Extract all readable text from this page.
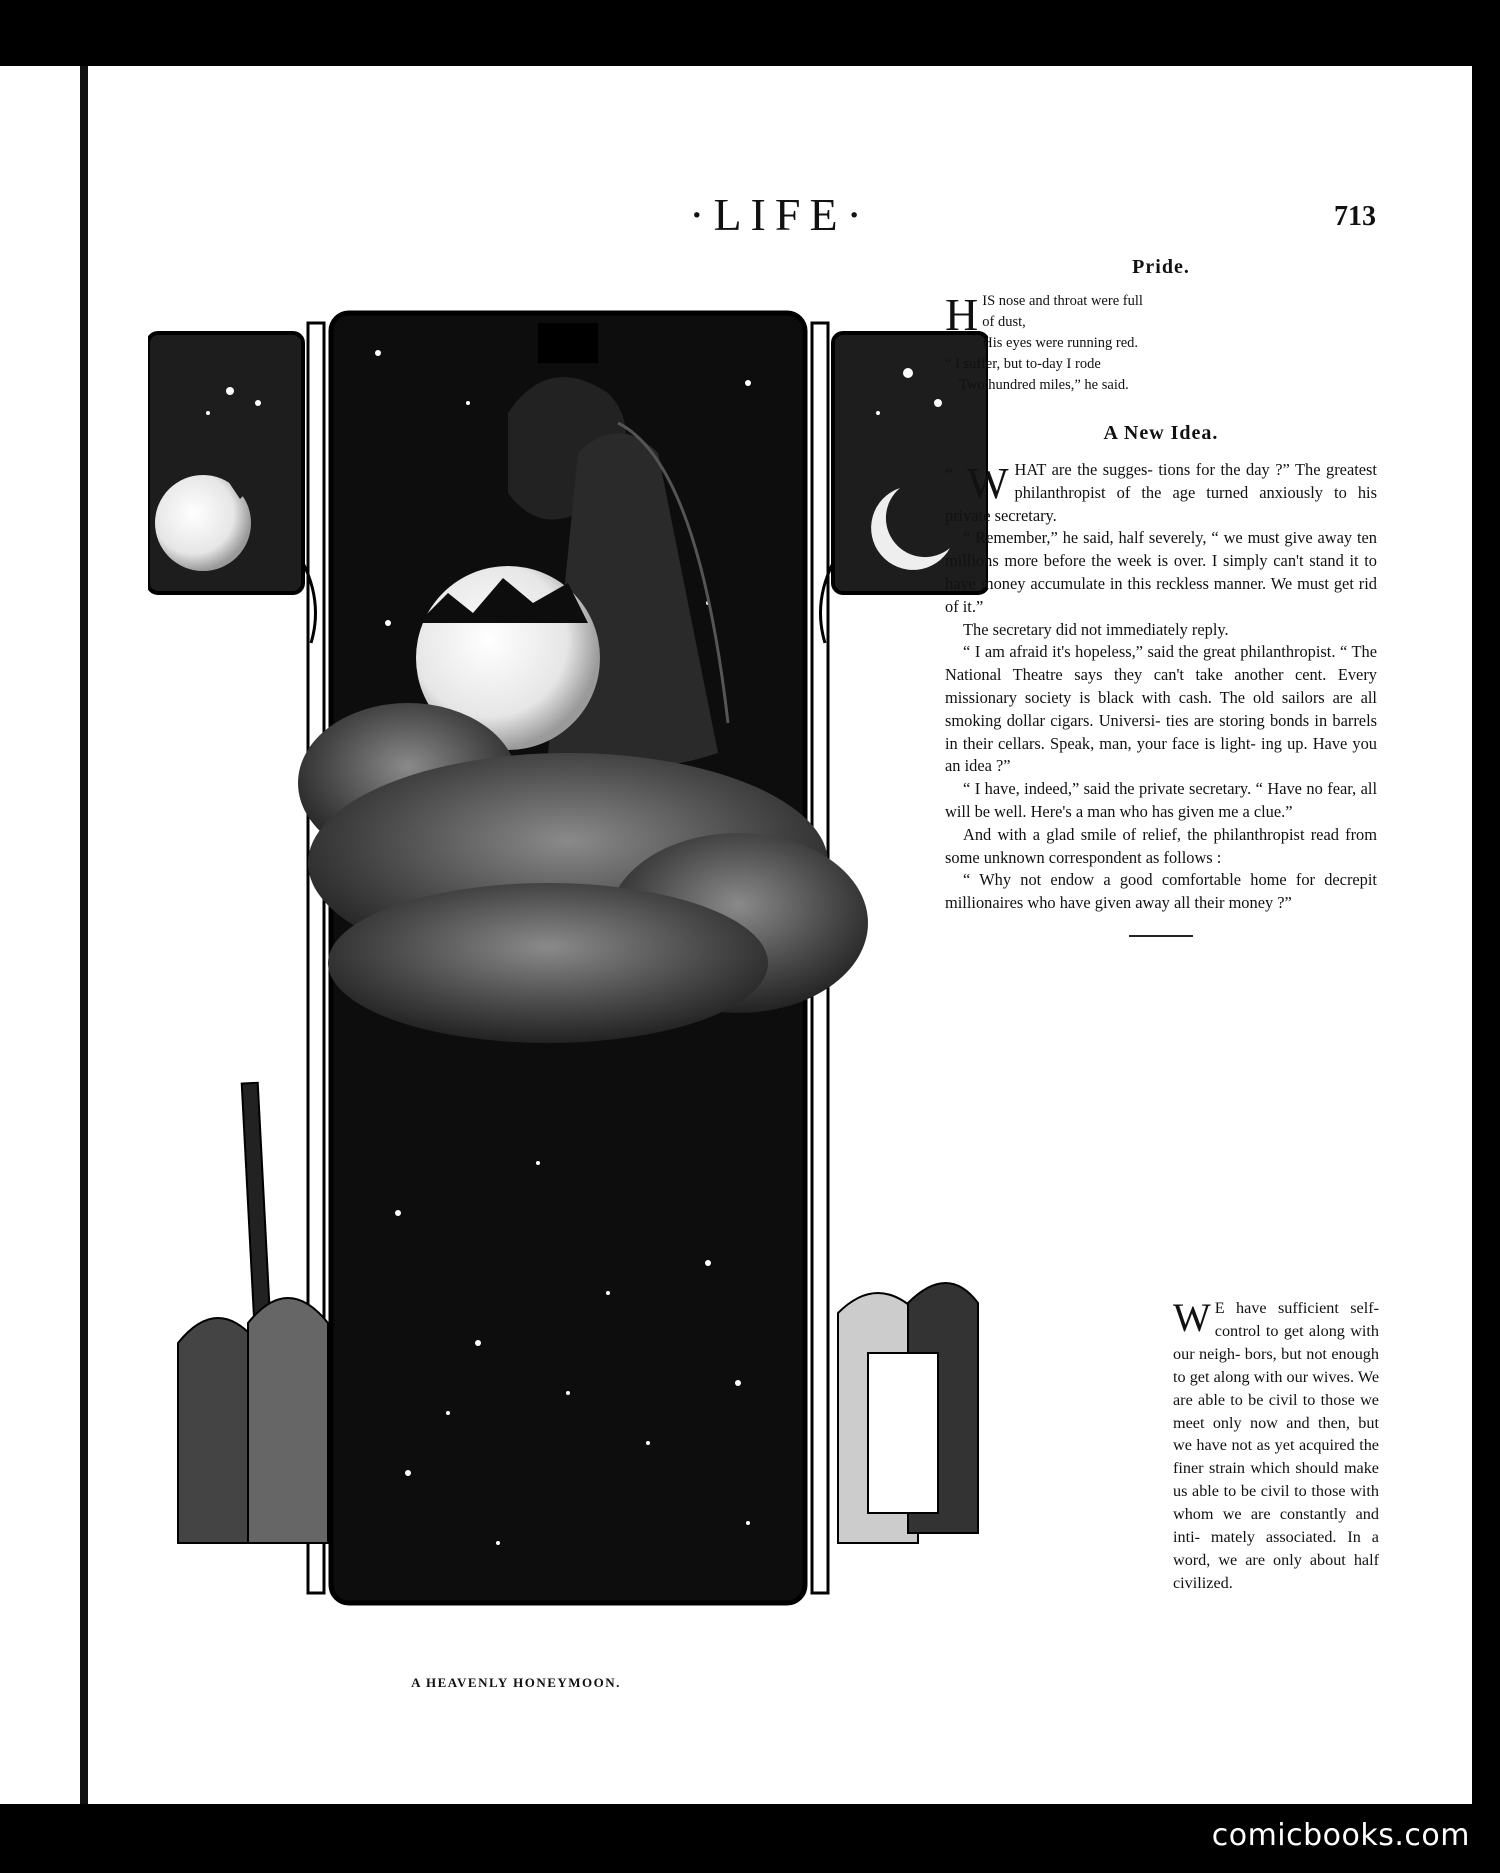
·LIFE·	713
A HEAVENLY HONEYMOON.
Pride.
H IS nose and throat were full
of dust,
His eyes were running red.
“ I suffer, but to-day I rode
Two hundred miles,” he said.
A New Idea.

“ W HAT are the sugges- tions for the day ?” The greatest philanthropist of the age turned anxiously to his private secretary.

“ Remember,” he said, half severely, “ we must give away ten millions more before the week is over. I simply can't stand it to have money accumulate in this reckless manner. We must get rid of it.”

The secretary did not immediately reply.

“ I am afraid it's hopeless,” said the great philanthropist. “ The National Theatre says they can't take another cent. Every missionary society is black with cash. The old sailors are all smoking dollar cigars. Universi- ties are storing bonds in barrels in their cellars. Speak, man, your face is light- ing up. Have you an idea ?”

“ I have, indeed,” said the private secretary. “ Have no fear, all will be well. Here's a man who has given me a clue.”

And with a glad smile of relief, the philanthropist read from some unknown correspondent as follows :

“ Why not endow a good comfortable home for decrepit millionaires who have given away all their money ?”

W E have sufficient self-control to get along with our neigh- bors, but not enough to get along with our wives. We are able to be civil to those we meet only now and then, but we have not as yet acquired the finer strain which should make us able to be civil to those with whom we are constantly and inti- mately associated. In a word, we are only about half civilized.

comicbooks.com
